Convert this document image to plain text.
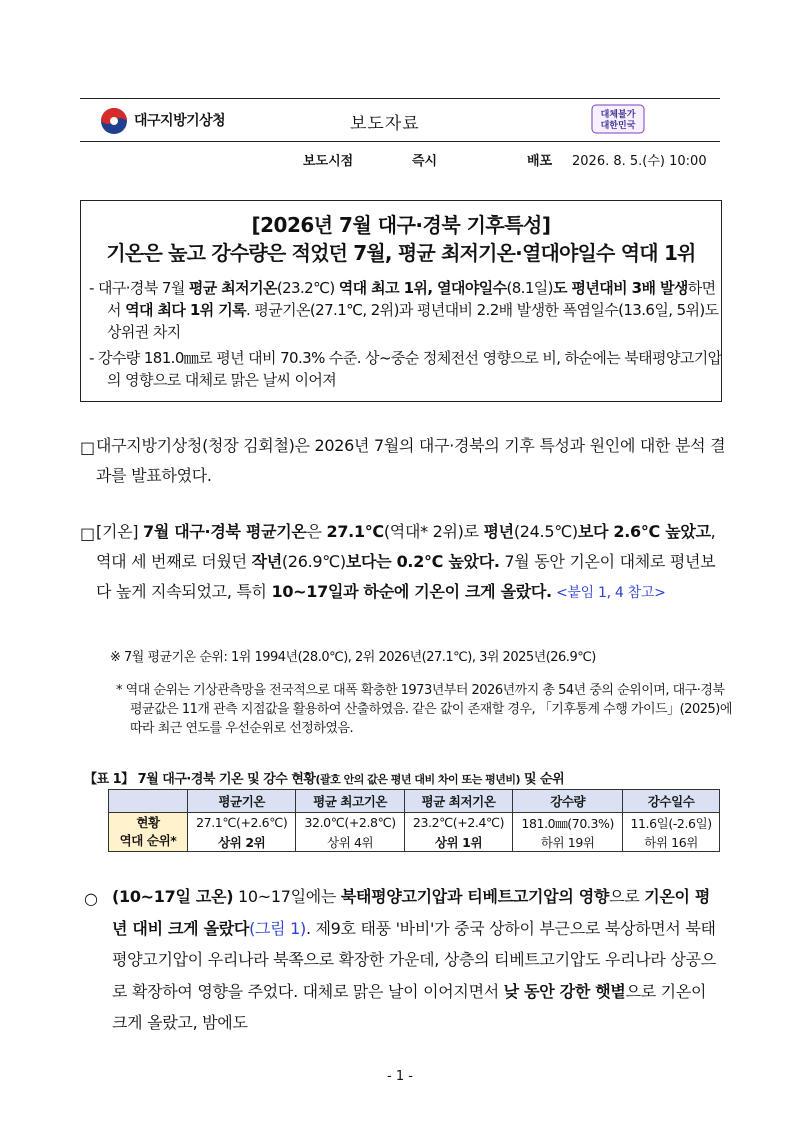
대구지방기상청	보도자료	대체불가
대한민국
보도시점	즉시	배포 2026. 8. 5.(수) 10:00
[2026년 7월 대구·경북 기후특성]
기온은 높고 강수량은 적었던 7월, 평균 최저기온·열대야일수 역대 1위
- 대구·경북 7월 평균 최저기온(23.2℃) 역대 최고 1위, 열대야일수(8.1일)도 평년대비 3배 발생하면서 역대 최다 1위 기록. 평균기온(27.1℃, 2위)과 평년대비 2.2배 발생한 폭염일수(13.6일, 5위)도 상위권 차지
- 강수량 181.0㎜로 평년 대비 70.3% 수준. 상~중순 정체전선 영향으로 비, 하순에는 북태평양고기압의 영향으로 대체로 맑은 날씨 이어져
□ 대구지방기상청(청장 김회철)은 2026년 7월의 대구·경북의 기후 특성과 원인에 대한 분석 결과를 발표하였다.
□ [기온] 7월 대구·경북 평균기온은 27.1℃(역대* 2위)로 평년(24.5℃)보다 2.6℃ 높았고, 역대 세 번째로 더웠던 작년(26.9℃)보다는 0.2℃ 높았다. 7월 동안 기온이 대체로 평년보다 높게 지속되었고, 특히 10~17일과 하순에 기온이 크게 올랐다. <붙임 1, 4 참고>
※ 7월 평균기온 순위: 1위 1994년(28.0℃), 2위 2026년(27.1℃), 3위 2025년(26.9℃)
* 역대 순위는 기상관측망을 전국적으로 대폭 확충한 1973년부터 2026년까지 총 54년 중의 순위이며, 대구·경북 평균값은 11개 관측 지점값을 활용하여 산출하였음. 같은 값이 존재할 경우, 「기후통계 수행 가이드」(2025)에 따라 최근 연도를 우선순위로 선정하였음.
【표 1】 7월 대구·경북 기온 및 강수 현황(괄호 안의 값은 평년 대비 차이 또는 평년비) 및 순위
	평균기온	평균 최고기온	평균 최저기온	강수량	강수일수
현황
역대 순위*	27.1℃(+2.6℃)	32.0℃(+2.8℃)	23.2℃(+2.4℃)	181.0㎜(70.3%)	11.6일(-2.6일)
	상위 2위	상위 4위	상위 1위	하위 19위	하위 16위
○ (10~17일 고온) 10~17일에는 북태평양고기압과 티베트고기압의 영향으로 기온이 평년 대비 크게 올랐다(그림 1). 제9호 태풍 '바비'가 중국 상하이 부근으로 북상하면서 북태평양고기압이 우리나라 북쪽으로 확장한 가운데, 상층의 티베트고기압도 우리나라 상공으로 확장하여 영향을 주었다. 대체로 맑은 날이 이어지면서 낮 동안 강한 햇볕으로 기온이 크게 올랐고, 밤에도
- 1 -
